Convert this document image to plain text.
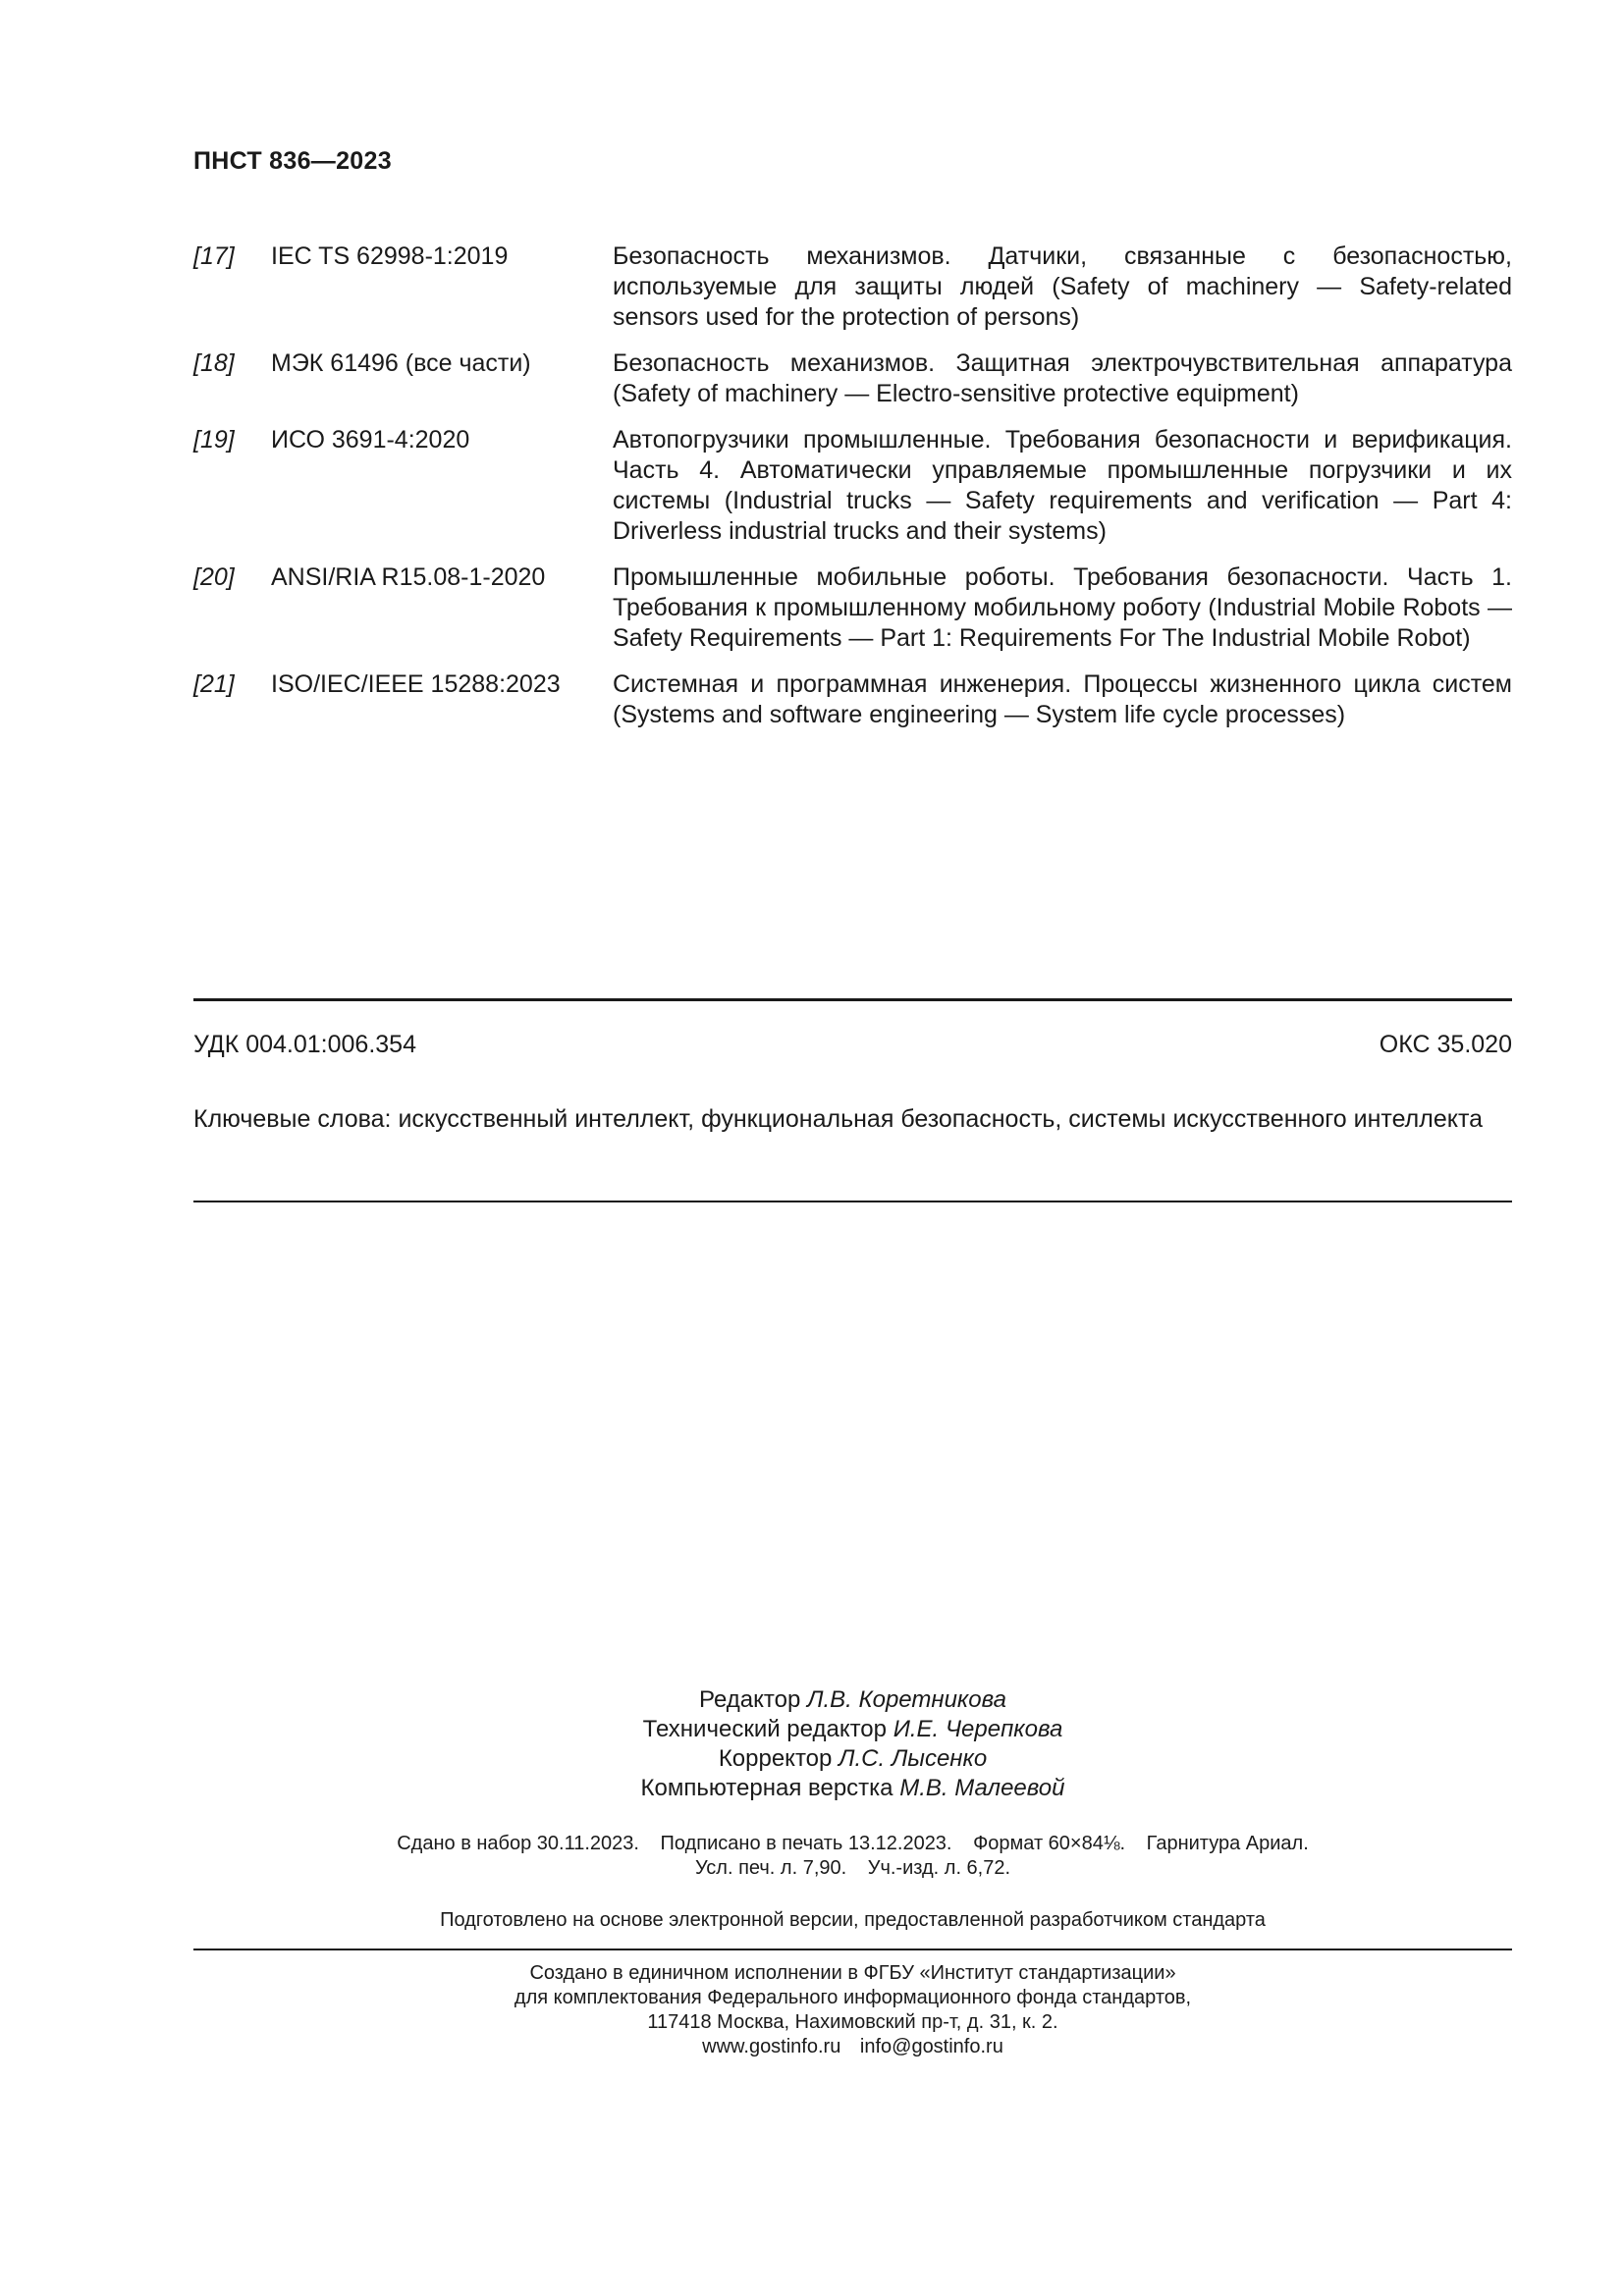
ПНСТ 836—2023
[17]	IEC TS 62998-1:2019	Безопасность механизмов. Датчики, связанные с безопасностью, используемые для защиты людей (Safety of machinery — Safety-related sensors used for the protection of persons)
[18]	МЭК 61496 (все части)	Безопасность механизмов. Защитная электрочувствительная аппаратура (Safety of machinery — Electro-sensitive protective equipment)
[19]	ИСО 3691-4:2020	Автопогрузчики промышленные. Требования безопасности и верификация. Часть 4. Автоматически управляемые промышленные погрузчики и их системы (Industrial trucks — Safety requirements and verification — Part 4: Driverless industrial trucks and their systems)
[20]	ANSI/RIA R15.08-1-2020	Промышленные мобильные роботы. Требования безопасности. Часть 1. Требования к промышленному мобильному роботу (Industrial Mobile Robots — Safety Requirements — Part 1: Requirements For The Industrial Mobile Robot)
[21]	ISO/IEC/IEEE 15288:2023	Системная и программная инженерия. Процессы жизненного цикла систем (Systems and software engineering — System life cycle processes)
УДК 004.01:006.354	ОКС 35.020
Ключевые слова: искусственный интеллект, функциональная безопасность, системы искусственного интеллекта
Редактор Л.В. Коретникова
Технический редактор И.Е. Черепкова
Корректор Л.С. Лысенко
Компьютерная верстка М.В. Малеевой
Сдано в набор 30.11.2023. Подписано в печать 13.12.2023. Формат 60×84⅛. Гарнитура Ариал.
Усл. печ. л. 7,90. Уч.-изд. л. 6,72.
Подготовлено на основе электронной версии, предоставленной разработчиком стандарта
Создано в единичном исполнении в ФГБУ «Институт стандартизации»
для комплектования Федерального информационного фонда стандартов,
117418 Москва, Нахимовский пр-т, д. 31, к. 2.
www.gostinfo.ru info@gostinfo.ru
